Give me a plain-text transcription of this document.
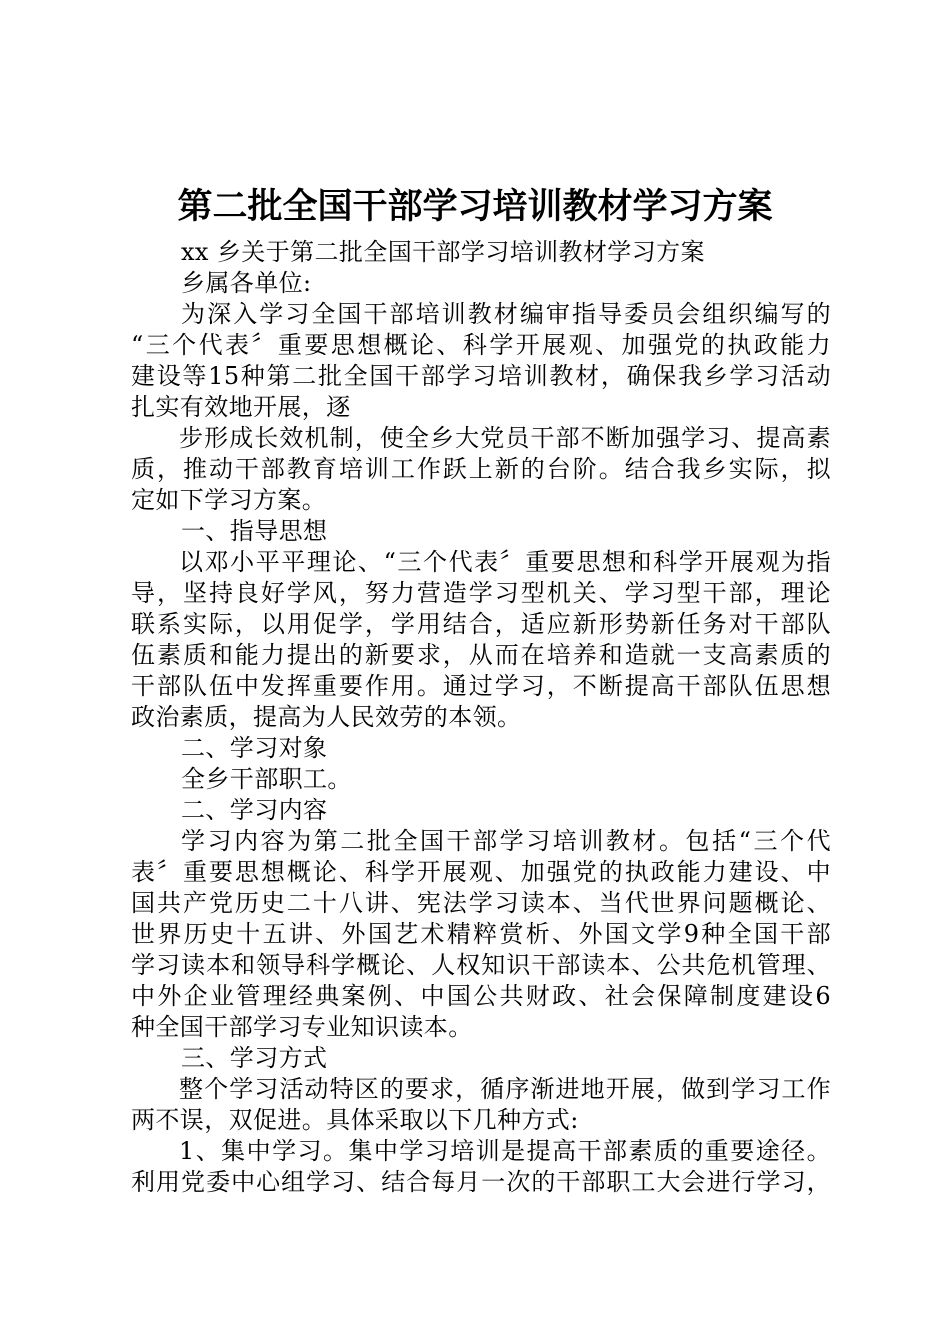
第二批全国干部学习培训教材学习方案
xx 乡关于第二批全国干部学习培训教材学习方案
乡属各单位:
为深入学习全国干部培训教材编审指导委员会组织编写的
“三个代表〞重要思想概论、科学开展观、加强党的执政能力
建设等15种第二批全国干部学习培训教材，确保我乡学习活动
扎实有效地开展，逐
步形成长效机制，使全乡大党员干部不断加强学习、提高素
质，推动干部教育培训工作跃上新的台阶。结合我乡实际，拟
定如下学习方案。
一、指导思想
以邓小平平理论、“三个代表〞重要思想和科学开展观为指
导，坚持良好学风，努力营造学习型机关、学习型干部，理论
联系实际，以用促学，学用结合，适应新形势新任务对干部队
伍素质和能力提出的新要求，从而在培养和造就一支高素质的
干部队伍中发挥重要作用。通过学习，不断提高干部队伍思想
政治素质，提高为人民效劳的本领。
二、学习对象
全乡干部职工。
二、学习内容
学习内容为第二批全国干部学习培训教材。包括“三个代
表〞重要思想概论、科学开展观、加强党的执政能力建设、中
国共产党历史二十八讲、宪法学习读本、当代世界问题概论、
世界历史十五讲、外国艺术精粹赏析、外国文学9种全国干部
学习读本和领导科学概论、人权知识干部读本、公共危机管理、
中外企业管理经典案例、中国公共财政、社会保障制度建设6
种全国干部学习专业知识读本。
三、学习方式
整个学习活动特区的要求，循序渐进地开展，做到学习工作
两不误，双促进。具体采取以下几种方式:
1、集中学习。集中学习培训是提高干部素质的重要途径。
利用党委中心组学习、结合每月一次的干部职工大会进行学习，
